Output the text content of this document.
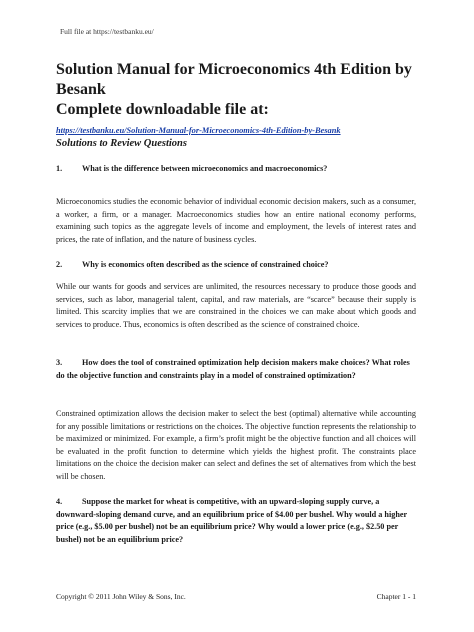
Full file at https://testbanku.eu/
Solution Manual for Microeconomics 4th Edition by Besank
Complete downloadable file at:
https://testbanku.eu/Solution-Manual-for-Microeconomics-4th-Edition-by-Besank
Solutions to Review Questions
1. What is the difference between microeconomics and macroeconomics?
Microeconomics studies the economic behavior of individual economic decision makers, such as a consumer, a worker, a firm, or a manager. Macroeconomics studies how an entire national economy performs, examining such topics as the aggregate levels of income and employment, the levels of interest rates and prices, the rate of inflation, and the nature of business cycles.
2. Why is economics often described as the science of constrained choice?
While our wants for goods and services are unlimited, the resources necessary to produce those goods and services, such as labor, managerial talent, capital, and raw materials, are “scarce” because their supply is limited. This scarcity implies that we are constrained in the choices we can make about which goods and services to produce. Thus, economics is often described as the science of constrained choice.
3. How does the tool of constrained optimization help decision makers make choices? What roles do the objective function and constraints play in a model of constrained optimization?
Constrained optimization allows the decision maker to select the best (optimal) alternative while accounting for any possible limitations or restrictions on the choices. The objective function represents the relationship to be maximized or minimized. For example, a firm’s profit might be the objective function and all choices will be evaluated in the profit function to determine which yields the highest profit. The constraints place limitations on the choice the decision maker can select and defines the set of alternatives from which the best will be chosen.
4. Suppose the market for wheat is competitive, with an upward-sloping supply curve, a downward-sloping demand curve, and an equilibrium price of $4.00 per bushel. Why would a higher price (e.g., $5.00 per bushel) not be an equilibrium price? Why would a lower price (e.g., $2.50 per bushel) not be an equilibrium price?
Copyright © 2011 John Wiley & Sons, Inc.	Chapter 1 - 1
